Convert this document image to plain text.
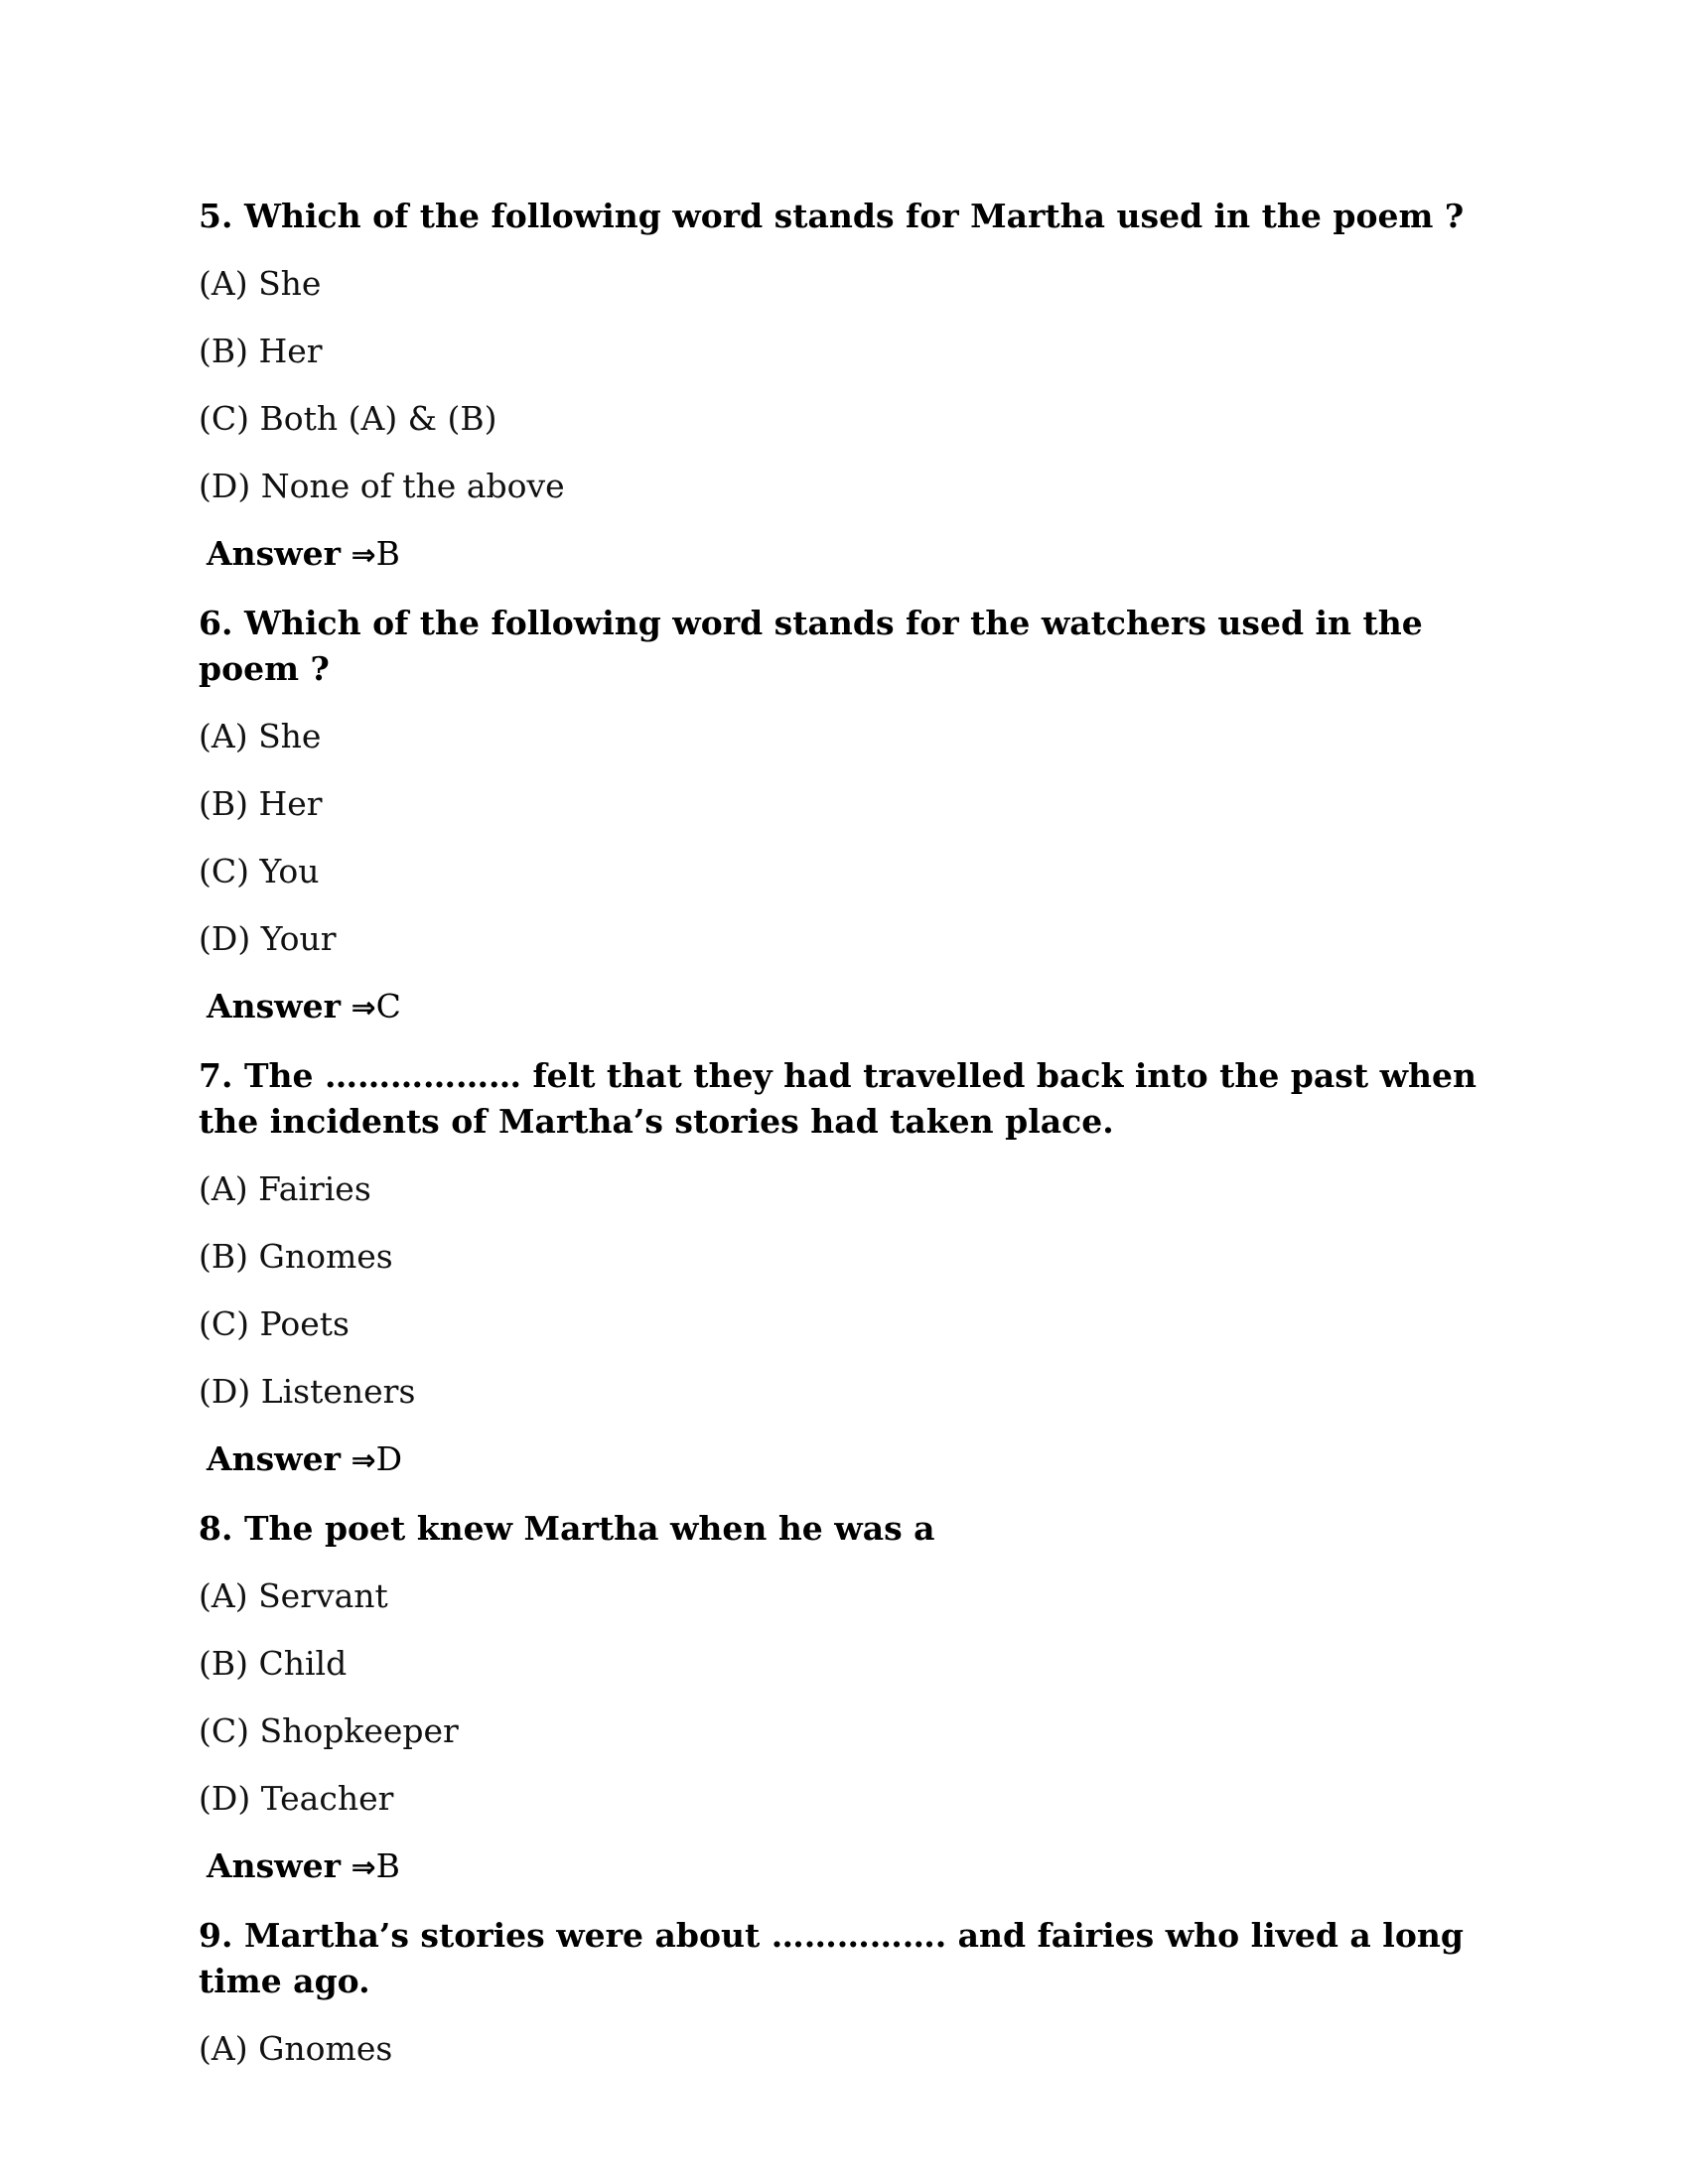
5. Which of the following word stands for Martha used in the poem ?
(A) She
(B) Her
(C) Both (A) & (B)
(D) None of the above
Answer ⇒B
6. Which of the following word stands for the watchers used in the poem ?
(A) She
(B) Her
(C) You
(D) Your
Answer ⇒C
7. The ……………… felt that they had travelled back into the past when the incidents of Martha’s stories had taken place.
(A) Fairies
(B) Gnomes
(C) Poets
(D) Listeners
Answer ⇒D
8. The poet knew Martha when he was a
(A) Servant
(B) Child
(C) Shopkeeper
(D) Teacher
Answer ⇒B
9. Martha’s stories were about ……………. and fairies who lived a long time ago.
(A) Gnomes
